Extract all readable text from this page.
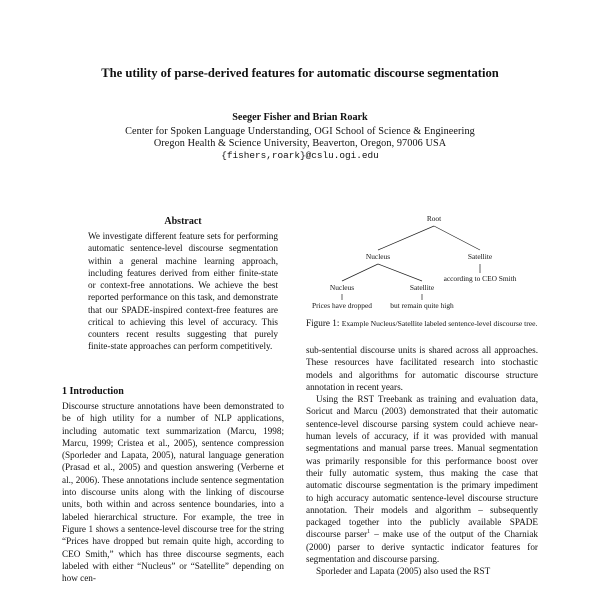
The utility of parse-derived features for automatic discourse segmentation
Seeger Fisher and Brian Roark
Center for Spoken Language Understanding, OGI School of Science & Engineering
Oregon Health & Science University, Beaverton, Oregon, 97006 USA
{fishers,roark}@cslu.ogi.edu
Abstract
We investigate different feature sets for performing automatic sentence-level discourse segmentation within a general machine learning approach, including features derived from either finite-state or context-free annotations. We achieve the best reported performance on this task, and demonstrate that our SPADE-inspired context-free features are critical to achieving this level of accuracy. This counters recent results suggesting that purely finite-state approaches can perform competitively.
1 Introduction
Discourse structure annotations have been demonstrated to be of high utility for a number of NLP applications, including automatic text summarization (Marcu, 1998; Marcu, 1999; Cristea et al., 2005), sentence compression (Sporleder and Lapata, 2005), natural language generation (Prasad et al., 2005) and question answering (Verberne et al., 2006). These annotations include sentence segmentation into discourse units along with the linking of discourse units, both within and across sentence boundaries, into a labeled hierarchical structure. For example, the tree in Figure 1 shows a sentence-level discourse tree for the string “Prices have dropped but remain quite high, according to CEO Smith,” which has three discourse segments, each labeled with either “Nucleus” or “Satellite” depending on how cen-
Root
Nucleus	Satellite
Nucleus	Satellite
Prices have dropped but remain quite high
according to CEO Smith
Figure 1: Example Nucleus/Satellite labeled sentence-level discourse tree.

sub-sentential discourse units is shared across all approaches. These resources have facilitated research into stochastic models and algorithms for automatic discourse structure annotation in recent years.

Using the RST Treebank as training and evaluation data, Soricut and Marcu (2003) demonstrated that their automatic sentence-level discourse parsing system could achieve near-human levels of accuracy, if it was provided with manual segmentations and manual parse trees. Manual segmentation was primarily responsible for this performance boost over their fully automatic system, thus making the case that automatic discourse segmentation is the primary impediment to high accuracy automatic sentence-level discourse structure annotation. Their models and algorithm – subsequently packaged together into the publicly available SPADE discourse parser$^1$ – make use of the output of the Charniak (2000) parser to derive syntactic indicator features for segmentation and discourse parsing.

Sporleder and Lapata (2005) also used the RST
